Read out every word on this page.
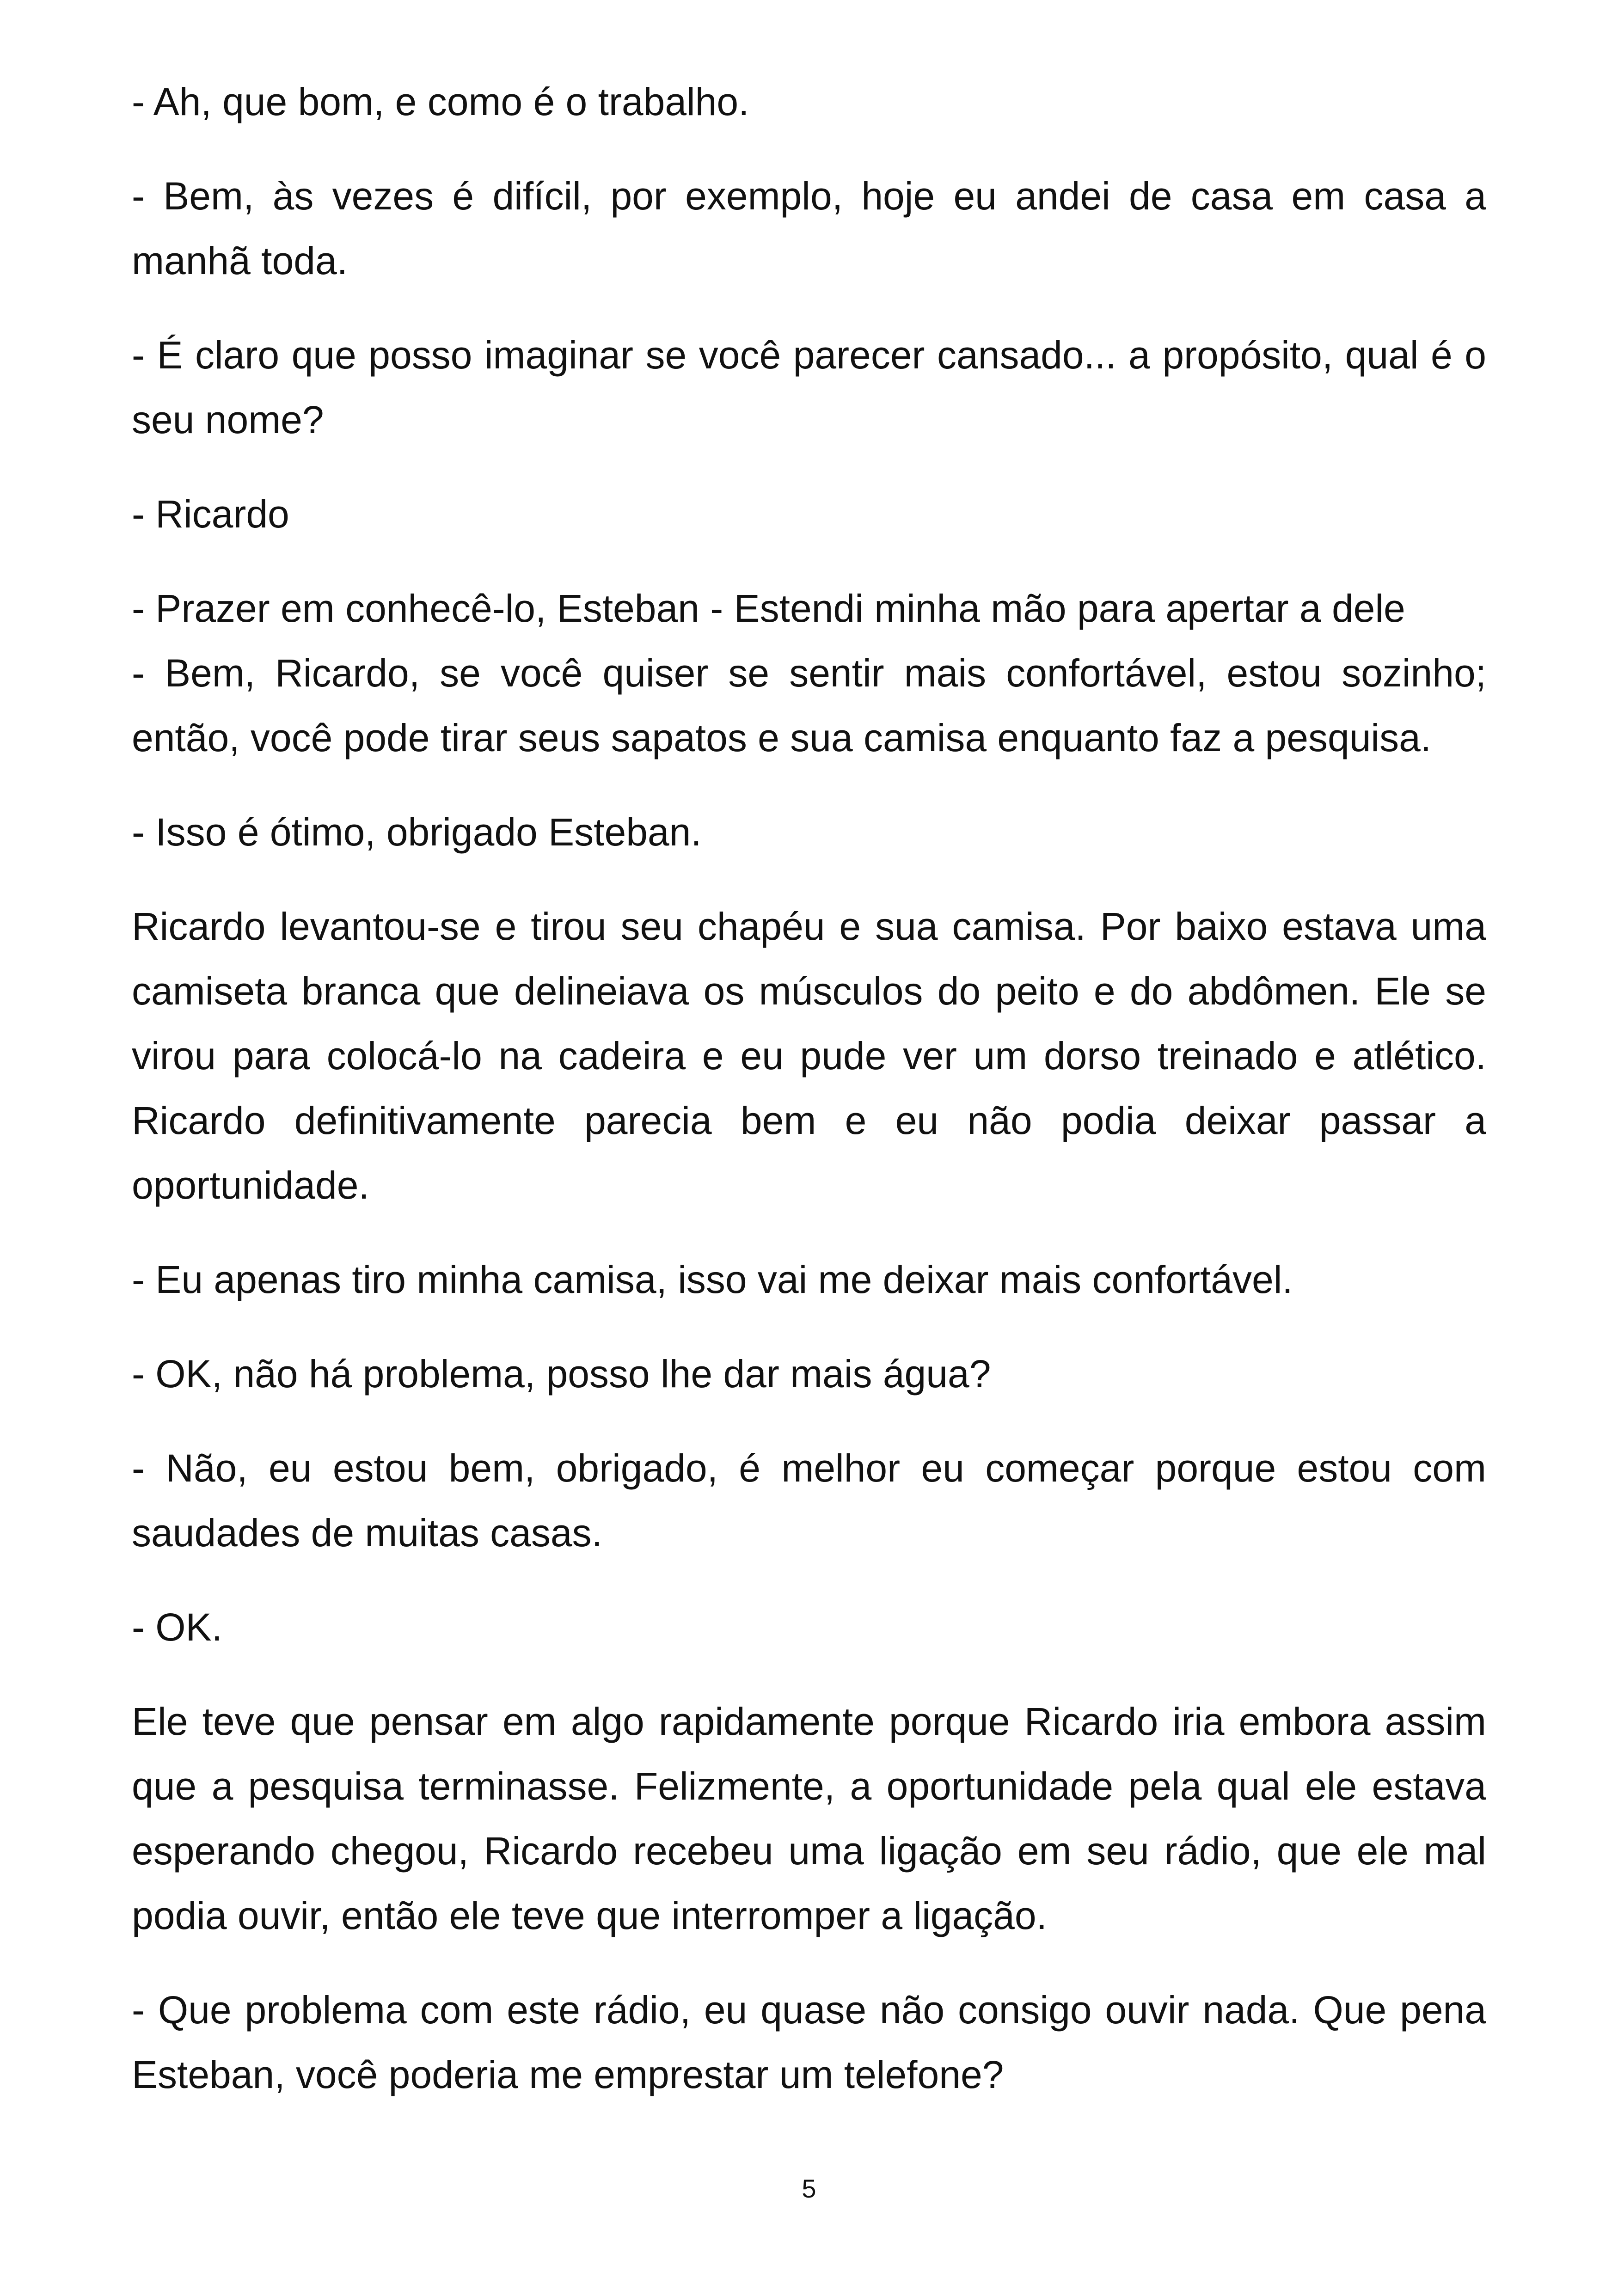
- Ah, que bom, e como é o trabalho.

- Bem, às vezes é difícil, por exemplo, hoje eu andei de casa em casa a manhã toda.

- É claro que posso imaginar se você parecer cansado... a propósito, qual é o seu nome?

- Ricardo

- Prazer em conhecê-lo, Esteban - Estendi minha mão para apertar a dele

- Bem, Ricardo, se você quiser se sentir mais confortável, estou sozinho; então, você pode tirar seus sapatos e sua camisa enquanto faz a pesquisa.

- Isso é ótimo, obrigado Esteban.

Ricardo levantou-se e tirou seu chapéu e sua camisa. Por baixo estava uma camiseta branca que delineiava os músculos do peito e do abdômen. Ele se virou para colocá-lo na cadeira e eu pude ver um dorso treinado e atlético. Ricardo definitivamente parecia bem e eu não podia deixar passar a oportunidade.

- Eu apenas tiro minha camisa, isso vai me deixar mais confortável.

- OK, não há problema, posso lhe dar mais água?

- Não, eu estou bem, obrigado, é melhor eu começar porque estou com saudades de muitas casas.

- OK.

Ele teve que pensar em algo rapidamente porque Ricardo iria embora assim que a pesquisa terminasse. Felizmente, a oportunidade pela qual ele estava esperando chegou, Ricardo recebeu uma ligação em seu rádio, que ele mal podia ouvir, então ele teve que interromper a ligação.

- Que problema com este rádio, eu quase não consigo ouvir nada. Que pena Esteban, você poderia me emprestar um telefone?

5
